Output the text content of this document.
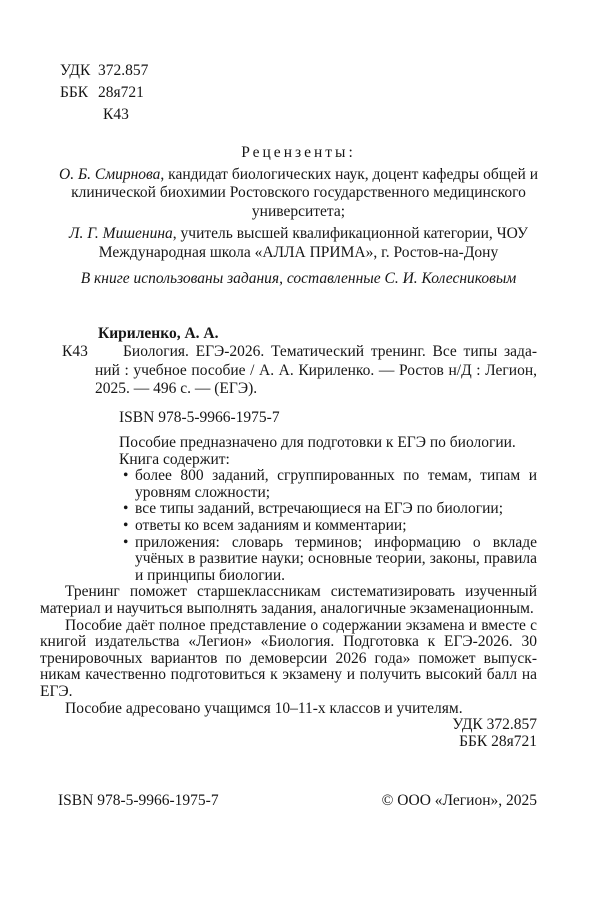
УДК 372.857
ББК 28я721
К43
Рецензенты:
О. Б. Смирнова, кандидат биологических наук, доцент кафедры общей и клинической биохимии Ростовского государственного медицинского университета;
Л. Г. Мишенина, учитель высшей квалификационной категории, ЧОУ Международная школа «АЛЛА ПРИМА», г. Ростов-на-Дону
В книге использованы задания, составленные С. И. Колесниковым
Кириленко, А. А.
К43	Биология. ЕГЭ-2026. Тематический тренинг. Все типы заданий : учебное пособие / А. А. Кириленко. — Ростов н/Д : Легион, 2025. — 496 с. — (ЕГЭ).
ISBN 978-5-9966-1975-7
Пособие предназначено для подготовки к ЕГЭ по биологии.
Книга содержит:
• более 800 заданий, сгруппированных по темам, типам и уровням сложности;
• все типы заданий, встречающиеся на ЕГЭ по биологии;
• ответы ко всем заданиям и комментарии;
• приложения: словарь терминов; информацию о вкладе учёных в развитие науки; основные теории, законы, правила и принципы биологии.
Тренинг поможет старшеклассникам систематизировать изученный материал и научиться выполнять задания, аналогичные экзаменационным.
Пособие даёт полное представление о содержании экзамена и вместе с книгой издательства «Легион» «Биология. Подготовка к ЕГЭ-2026. 30 тренировочных вариантов по демоверсии 2026 года» поможет выпускникам качественно подготовиться к экзамену и получить высокий балл на ЕГЭ.
Пособие адресовано учащимся 10–11-х классов и учителям.
УДК 372.857
ББК 28я721
ISBN 978-5-9966-1975-7	© ООО «Легион», 2025
